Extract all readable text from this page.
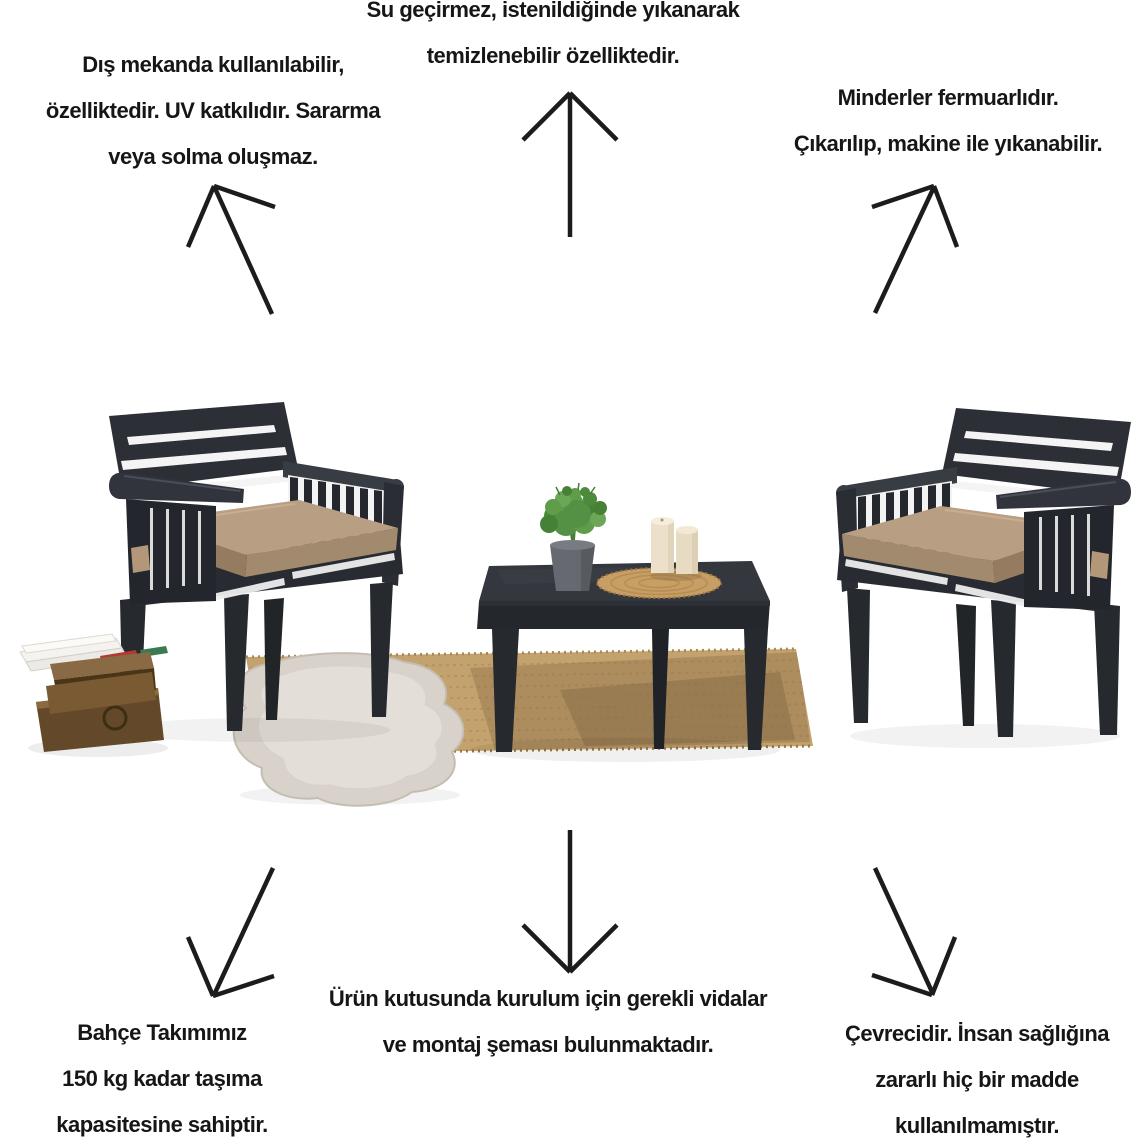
Dış mekanda kullanılabilir,
özelliktedir. UV katkılıdır. Sararma
veya solma oluşmaz.
Su geçirmez, istenildiğinde yıkanarak
temizlenebilir özelliktedir.
Minderler fermuarlıdır.
Çıkarılıp, makine ile yıkanabilir.
Bahçe Takımımız
150 kg kadar taşıma
kapasitesine sahiptir.
Ürün kutusunda kurulum için gerekli vidalar
ve montaj şeması bulunmaktadır.	Çevrecidir. İnsan sağlığına
zararlı hiç bir madde
kullanılmamıştır.
